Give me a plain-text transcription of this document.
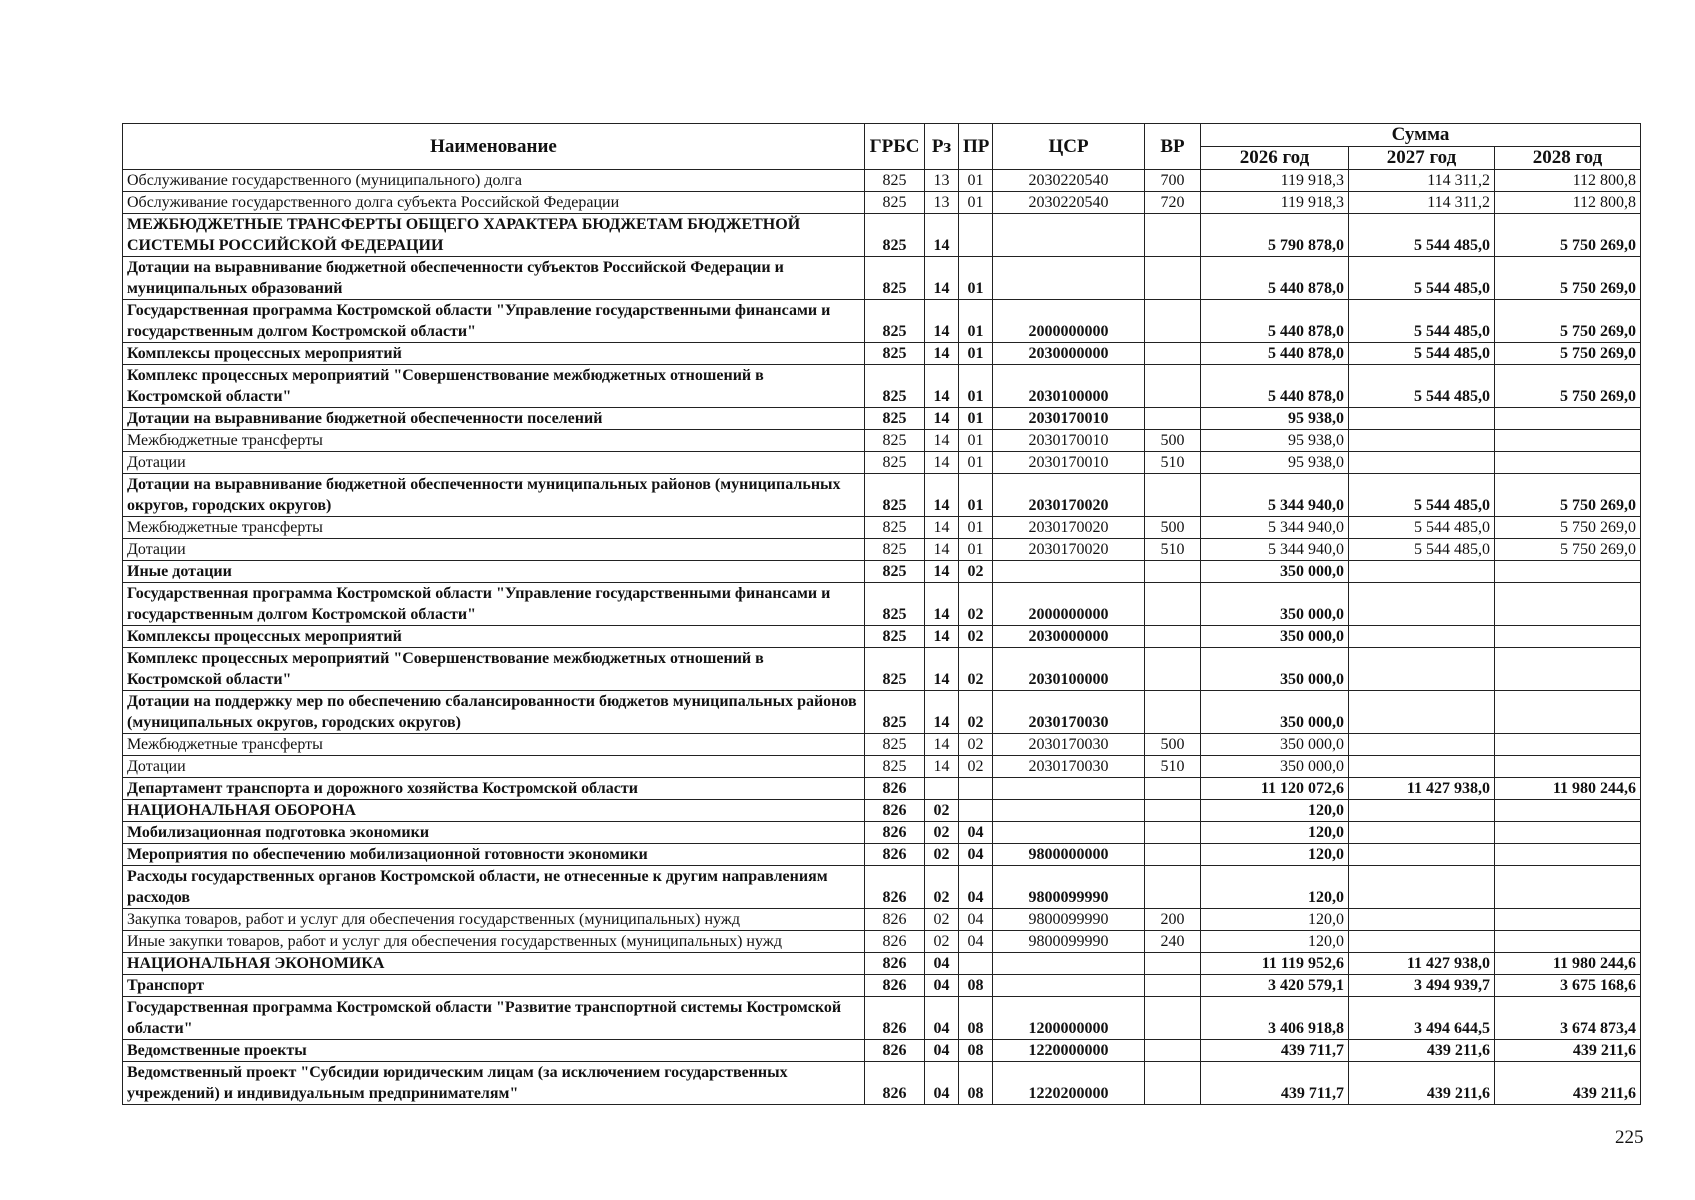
Наименование	ГРБС	Рз	ПР	ЦСР	ВР	Сумма		
						2026 год	2027 год	2028 год
Обслуживание государственного (муниципального) долга	825	13	01	2030220540	700	119 918,3	114 311,2	112 800,8
Обслуживание государственного долга субъекта Российской Федерации	825	13	01	2030220540	720	119 918,3	114 311,2	112 800,8
МЕЖБЮДЖЕТНЫЕ ТРАНСФЕРТЫ ОБЩЕГО ХАРАКТЕРА БЮДЖЕТАМ БЮДЖЕТНОЙ СИСТЕМЫ РОССИЙСКОЙ ФЕДЕРАЦИИ	825	14				5 790 878,0	5 544 485,0	5 750 269,0
Дотации на выравнивание бюджетной обеспеченности субъектов Российской Федерации и муниципальных образований	825	14	01			5 440 878,0	5 544 485,0	5 750 269,0
Государственная программа Костромской области "Управление государственными финансами и государственным долгом Костромской области"	825	14	01	2000000000		5 440 878,0	5 544 485,0	5 750 269,0
Комплексы процессных мероприятий	825	14	01	2030000000		5 440 878,0	5 544 485,0	5 750 269,0
Комплекс процессных мероприятий "Совершенствование межбюджетных отношений в Костромской области"	825	14	01	2030100000		5 440 878,0	5 544 485,0	5 750 269,0
Дотации на выравнивание бюджетной обеспеченности поселений	825	14	01	2030170010		95 938,0		
Межбюджетные трансферты	825	14	01	2030170010	500	95 938,0		
Дотации	825	14	01	2030170010	510	95 938,0		
Дотации на выравнивание бюджетной обеспеченности муниципальных районов (муниципальных округов, городских округов)	825	14	01	2030170020		5 344 940,0	5 544 485,0	5 750 269,0
Межбюджетные трансферты	825	14	01	2030170020	500	5 344 940,0	5 544 485,0	5 750 269,0
Дотации	825	14	01	2030170020	510	5 344 940,0	5 544 485,0	5 750 269,0
Иные дотации	825	14	02			350 000,0		
Государственная программа Костромской области "Управление государственными финансами и государственным долгом Костромской области"	825	14	02	2000000000		350 000,0		
Комплексы процессных мероприятий	825	14	02	2030000000		350 000,0		
Комплекс процессных мероприятий "Совершенствование межбюджетных отношений в Костромской области"	825	14	02	2030100000		350 000,0		
Дотации на поддержку мер по обеспечению сбалансированности бюджетов муниципальных районов (муниципальных округов, городских округов)	825	14	02	2030170030		350 000,0		
Межбюджетные трансферты	825	14	02	2030170030	500	350 000,0		
Дотации	825	14	02	2030170030	510	350 000,0		
Департамент транспорта и дорожного хозяйства Костромской области	826					11 120 072,6	11 427 938,0	11 980 244,6
НАЦИОНАЛЬНАЯ ОБОРОНА	826	02				120,0		
Мобилизационная подготовка экономики	826	02	04			120,0		
Мероприятия по обеспечению мобилизационной готовности экономики	826	02	04	9800000000		120,0		
Расходы государственных органов Костромской области, не отнесенные к другим направлениям расходов	826	02	04	9800099990		120,0		
Закупка товаров, работ и услуг для обеспечения государственных (муниципальных) нужд	826	02	04	9800099990	200	120,0		
Иные закупки товаров, работ и услуг для обеспечения государственных (муниципальных) нужд	826	02	04	9800099990	240	120,0		
НАЦИОНАЛЬНАЯ ЭКОНОМИКА	826	04				11 119 952,6	11 427 938,0	11 980 244,6
Транспорт	826	04	08			3 420 579,1	3 494 939,7	3 675 168,6
Государственная программа Костромской области "Развитие транспортной системы Костромской области"	826	04	08	1200000000		3 406 918,8	3 494 644,5	3 674 873,4
Ведомственные проекты	826	04	08	1220000000		439 711,7	439 211,6	439 211,6
Ведомственный проект "Субсидии юридическим лицам (за исключением государственных учреждений) и индивидуальным предпринимателям"	826	04	08	1220200000		439 711,7	439 211,6	439 211,6
225
